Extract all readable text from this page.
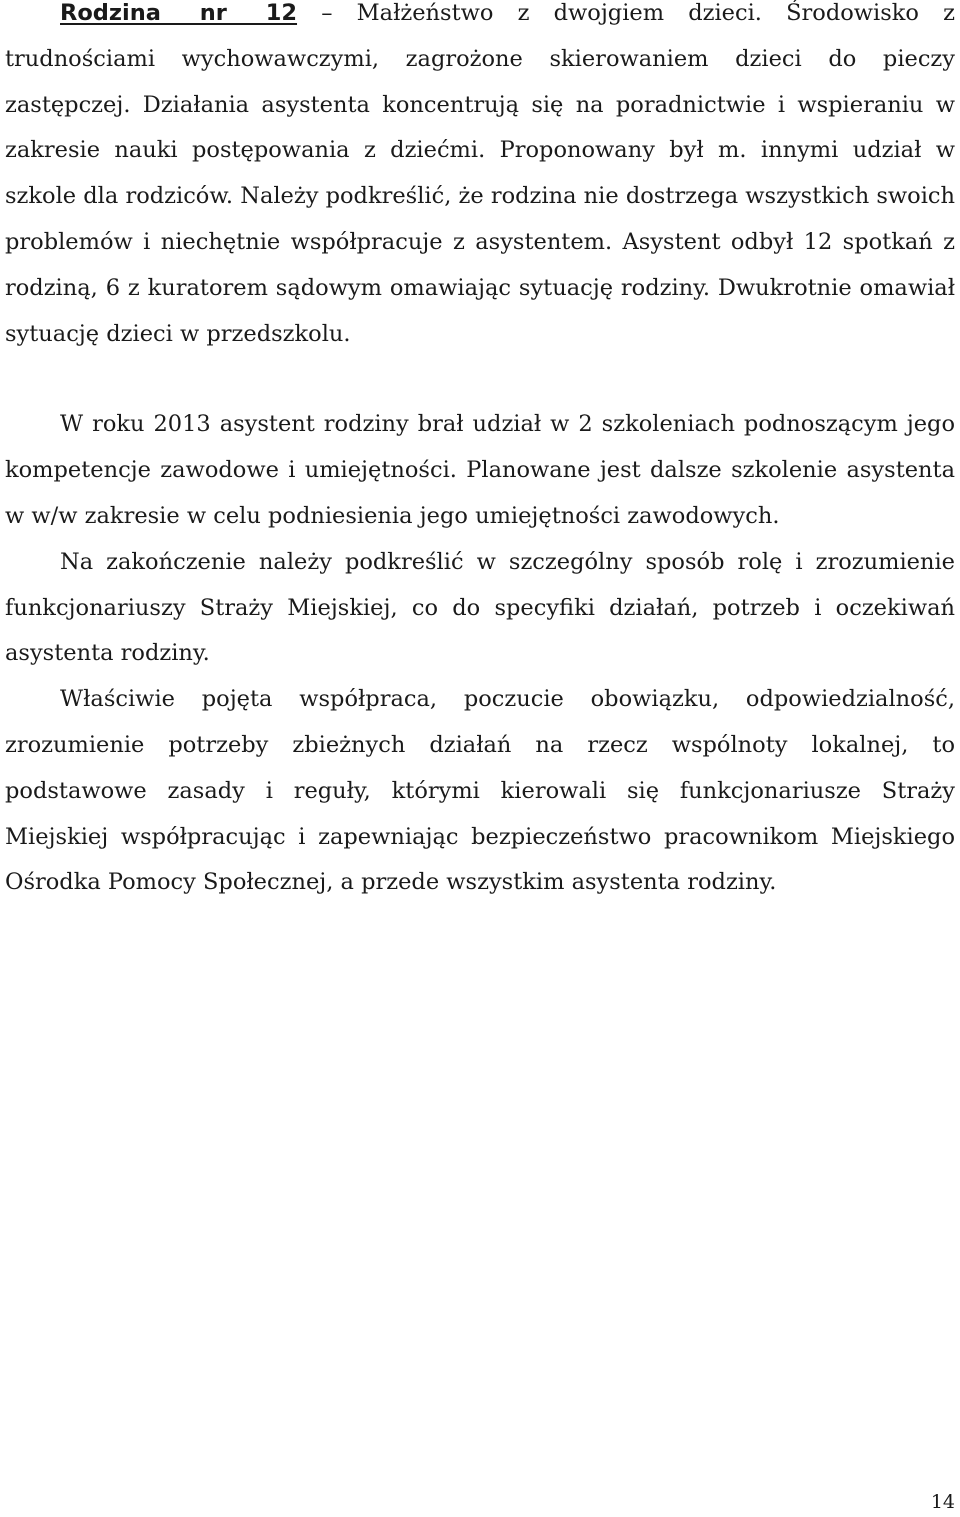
Rodzina nr 12 – Małżeństwo z dwojgiem dzieci. Środowisko z trudnościami wychowawczymi, zagrożone skierowaniem dzieci do pieczy zastępczej. Działania asystenta koncentrują się na poradnictwie i wspieraniu w zakresie nauki postępowania z dziećmi. Proponowany był m. innymi udział w szkole dla rodziców. Należy podkreślić, że rodzina nie dostrzega wszystkich swoich problemów i niechętnie współpracuje z asystentem. Asystent odbył 12 spotkań z rodziną, 6 z kuratorem sądowym omawiając sytuację rodziny. Dwukrotnie omawiał sytuację dzieci w przedszkolu.

W roku 2013 asystent rodziny brał udział w 2 szkoleniach podnoszącym jego kompetencje zawodowe i umiejętności. Planowane jest dalsze szkolenie asystenta w w/w zakresie w celu podniesienia jego umiejętności zawodowych.

Na zakończenie należy podkreślić w szczególny sposób rolę i zrozumienie funkcjonariuszy Straży Miejskiej, co do specyfiki działań, potrzeb i oczekiwań asystenta rodziny.

Właściwie pojęta współpraca, poczucie obowiązku, odpowiedzialność, zrozumienie potrzeby zbieżnych działań na rzecz wspólnoty lokalnej, to podstawowe zasady i reguły, którymi kierowali się funkcjonariusze Straży Miejskiej współpracując i zapewniając bezpieczeństwo pracownikom Miejskiego Ośrodka Pomocy Społecznej, a przede wszystkim asystenta rodziny.

14
